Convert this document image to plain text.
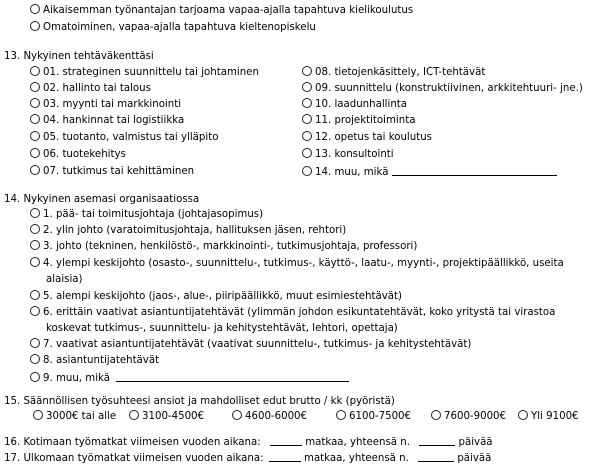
Aikaisemman työnantajan tarjoama vapaa-ajalla tapahtuva kielikoulutus
Omatoiminen, vapaa-ajalla tapahtuva kieltenopiskelu
13. Nykyinen tehtäväkenttäsi
01. strateginen suunnittelu tai johtaminen
02. hallinto tai talous
03. myynti tai markkinointi
04. hankinnat tai logistiikka
05. tuotanto, valmistus tai ylläpito
06. tuotekehitys
07. tutkimus tai kehittäminen
08. tietojenkäsittely, ICT-tehtävät
09. suunnittelu (konstruktiivinen, arkkitehtuuri- jne.)
10. laadunhallinta
11. projektitoiminta
12. opetus tai koulutus
13. konsultointi
14. muu, mikä
14. Nykyinen asemasi organisaatiossa
1. pää- tai toimitusjohtaja (johtajasopimus)
2. ylin johto (varatoimitusjohtaja, hallituksen jäsen, rehtori)
3. johto (tekninen, henkilöstö-, markkinointi-, tutkimusjohtaja, professori)
4. ylempi keskijohto (osasto-, suunnittelu-, tutkimus-, käyttö-, laatu-, myynti-, projektipäällikkö, useita
alaisia)
5. alempi keskijohto (jaos-, alue-, piiripäällikkö, muut esimiestehtävät)
6. erittäin vaativat asiantuntijatehtävät (ylimmän johdon esikuntatehtävät, koko yritystä tai virastoa
koskevat tutkimus-, suunnittelu- ja kehitystehtävät, lehtori, opettaja)
7. vaativat asiantuntijatehtävät (vaativat suunnittelu-, tutkimus- ja kehitystehtävät)
8. asiantuntijatehtävät
9. muu, mikä
15. Säännöllisen työsuhteesi ansiot ja mahdolliset edut brutto / kk (pyöristä)
3000€ tai alle	3100-4500€	4600-6000€	6100-7500€	7600-9000€	Yli 9100€
16. Kotimaan työmatkat viimeisen vuoden aikana:	matkaa, yhteensä n.	päivää
17. Ulkomaan työmatkat viimeisen vuoden aikana:	matkaa, yhteensä n.	päivää
